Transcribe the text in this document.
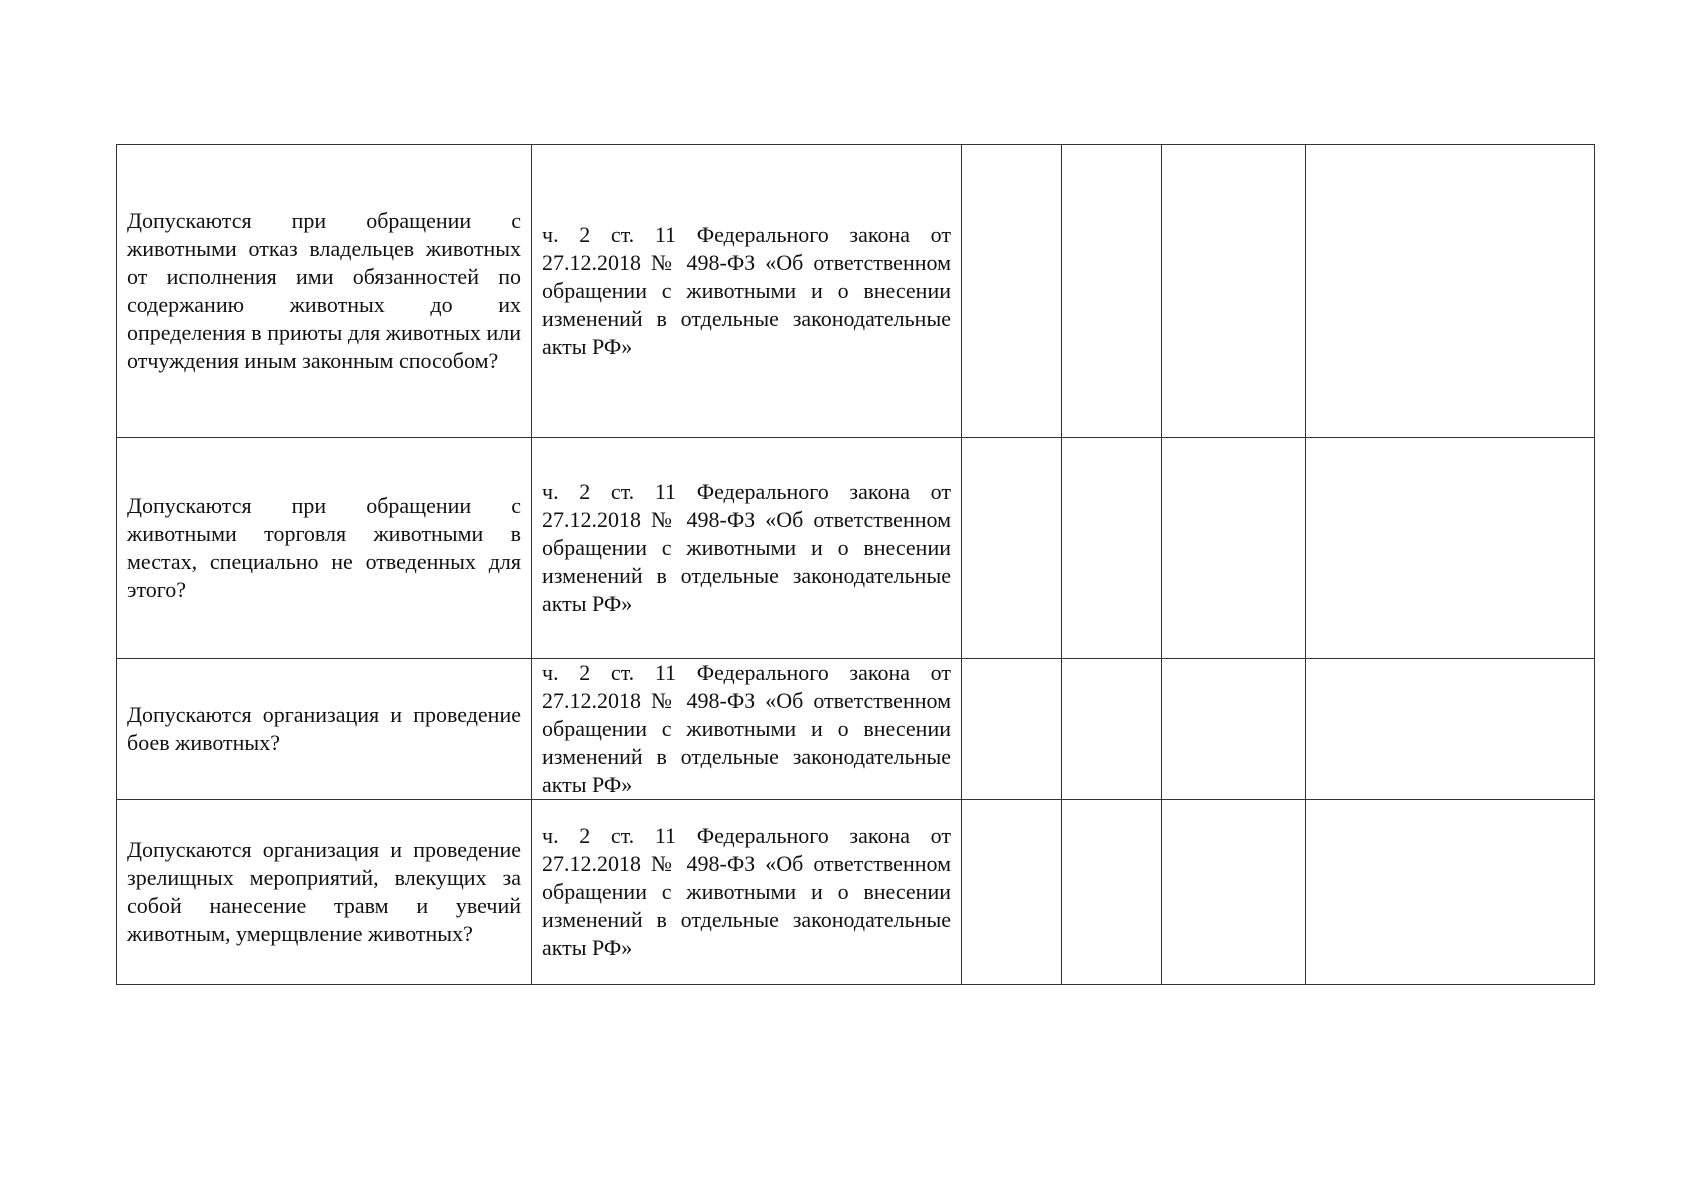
Допускаются при обращении с животными отказ владельцев животных от исполнения ими обязанностей по содержанию животных до их определения в приюты для животных или отчуждения иным законным способом?	ч. 2 ст. 11 Федерального закона от 27.12.2018 № 498-ФЗ «Об ответственном обращении с животными и о внесении изменений в отдельные законодательные акты РФ»				

Допускаются при обращении с животными торговля животными в местах, специально не отведенных для этого?	ч. 2 ст. 11 Федерального закона от 27.12.2018 № 498-ФЗ «Об ответственном обращении с животными и о внесении изменений в отдельные законодательные акты РФ»				

Допускаются организация и проведение боев животных?	ч. 2 ст. 11 Федерального закона от 27.12.2018 № 498-ФЗ «Об ответственном обращении с животными и о внесении изменений в отдельные законодательные акты РФ»				

Допускаются организация и проведение зрелищных мероприятий, влекущих за собой нанесение травм и увечий животным, умерщвление животных?	ч. 2 ст. 11 Федерального закона от 27.12.2018 № 498-ФЗ «Об ответственном обращении с животными и о внесении изменений в отдельные законодательные акты РФ»				
